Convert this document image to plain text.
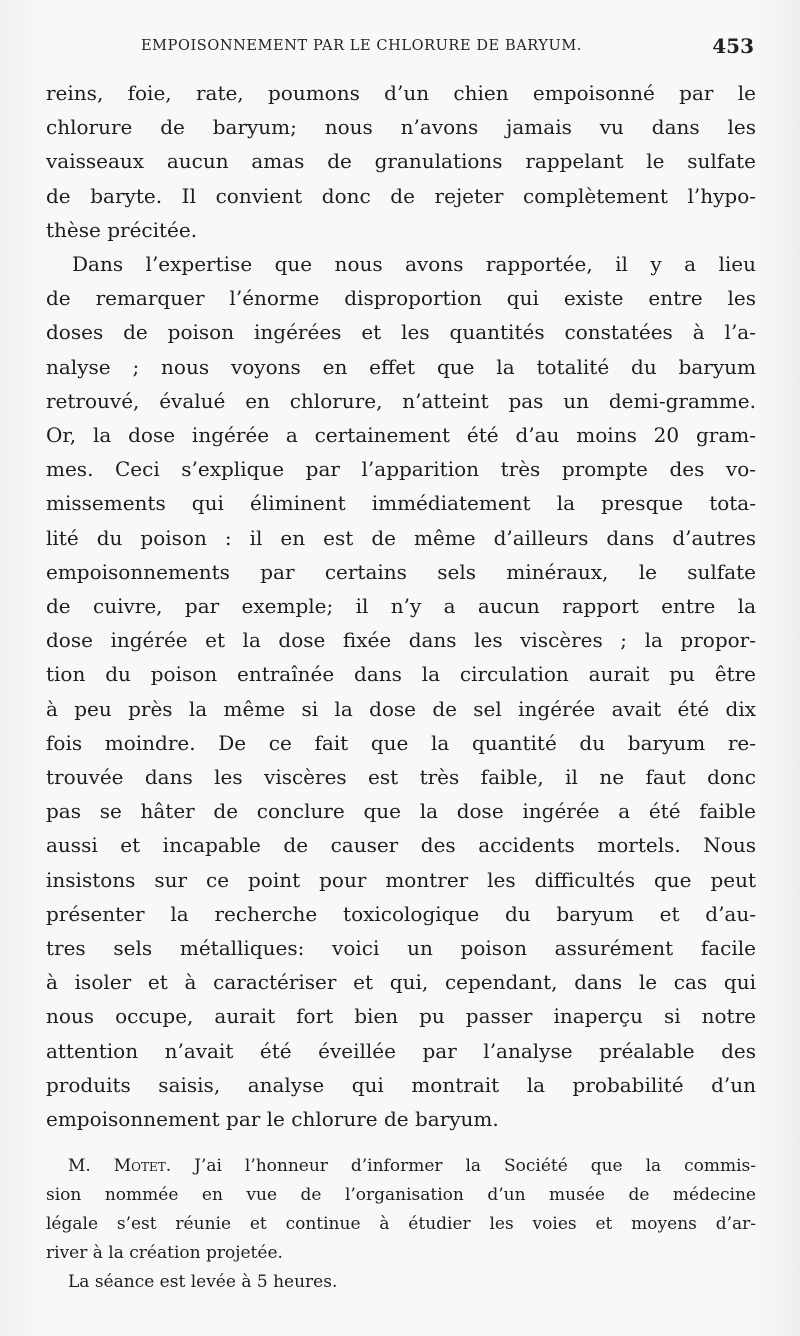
EMPOISONNEMENT PAR LE CHLORURE DE BARYUM.	453
reins, foie, rate, poumons d’un chien empoisonné par le
chlorure de baryum; nous n’avons jamais vu dans les
vaisseaux aucun amas de granulations rappelant le sulfate
de baryte. Il convient donc de rejeter complètement l’hypo-
thèse précitée.
Dans l’expertise que nous avons rapportée, il y a lieu
de remarquer l’énorme disproportion qui existe entre les
doses de poison ingérées et les quantités constatées à l’a-
nalyse ; nous voyons en effet que la totalité du baryum
retrouvé, évalué en chlorure, n’atteint pas un demi-gramme.
Or, la dose ingérée a certainement été d’au moins 20 gram-
mes. Ceci s’explique par l’apparition très prompte des vo-
missements qui éliminent immédiatement la presque tota-
lité du poison : il en est de même d’ailleurs dans d’autres
empoisonnements par certains sels minéraux, le sulfate
de cuivre, par exemple; il n’y a aucun rapport entre la
dose ingérée et la dose fixée dans les viscères ; la propor-
tion du poison entraînée dans la circulation aurait pu être
à peu près la même si la dose de sel ingérée avait été dix
fois moindre. De ce fait que la quantité du baryum re-
trouvée dans les viscères est très faible, il ne faut donc
pas se hâter de conclure que la dose ingérée a été faible
aussi et incapable de causer des accidents mortels. Nous
insistons sur ce point pour montrer les difficultés que peut
présenter la recherche toxicologique du baryum et d’au-
tres sels métalliques: voici un poison assurément facile
à isoler et à caractériser et qui, cependant, dans le cas qui
nous occupe, aurait fort bien pu passer inaperçu si notre
attention n’avait été éveillée par l’analyse préalable des
produits saisis, analyse qui montrait la probabilité d’un
empoisonnement par le chlorure de baryum.
M. Motet. J’ai l’honneur d’informer la Société que la commis-
sion nommée en vue de l’organisation d’un musée de médecine
légale s’est réunie et continue à étudier les voies et moyens d’ar-
river à la création projetée.
La séance est levée à 5 heures.
